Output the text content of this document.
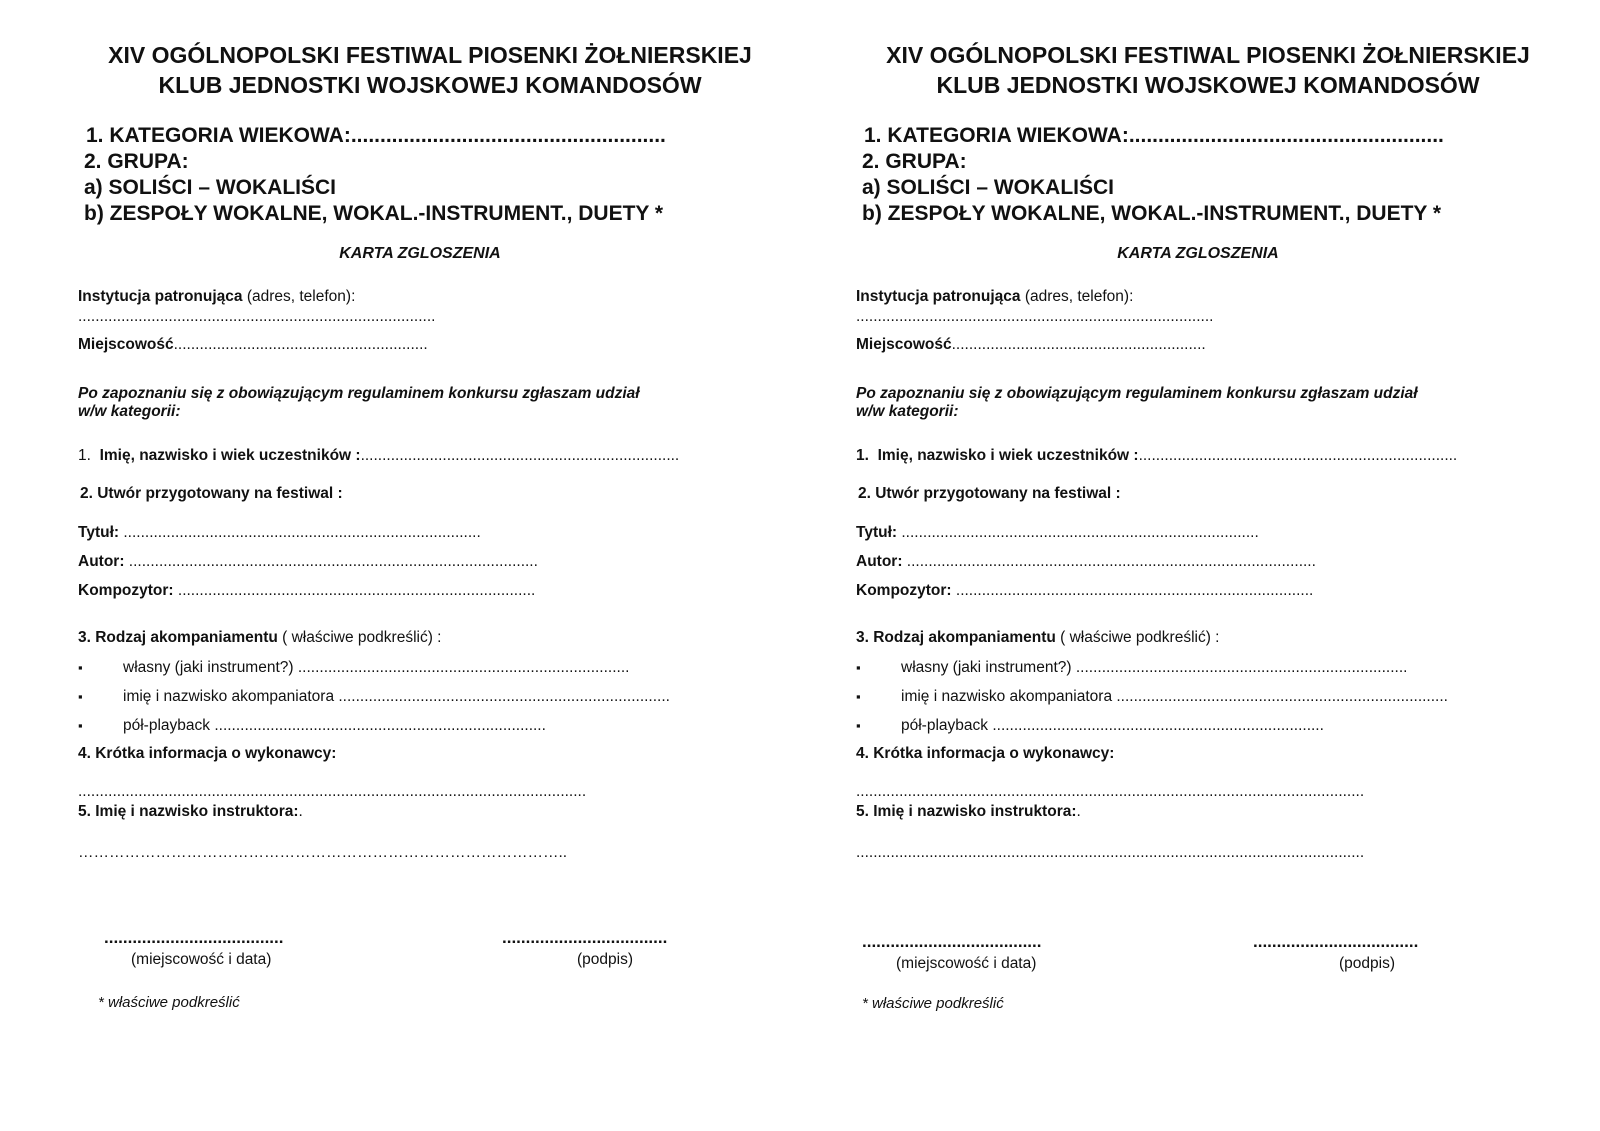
XIV OGÓLNOPOLSKI FESTIWAL PIOSENKI ŻOŁNIERSKIEJ
KLUB JEDNOSTKI WOJSKOWEJ KOMANDOSÓW
1. KATEGORIA WIEKOWA:......................................................
2. GRUPA:
a) SOLIŚCI – WOKALIŚCI
b) ZESPOŁY WOKALNE, WOKAL.-INSTRUMENT., DUETY *
KARTA ZGLOSZENIA
Instytucja patronująca (adres, telefon):
...................................................................................
Miejscowość...........................................................
Po zapoznaniu się z obowiązującym regulaminem konkursu zgłaszam udział
w/w kategorii:
1. Imię, nazwisko i wiek uczestników :..........................................................................
2. Utwór przygotowany na festiwal :
Tytuł: ...................................................................................
Autor: ...............................................................................................
Kompozytor: ...................................................................................
3. Rodzaj akompaniamentu ( właściwe podkreślić) :
▪	własny (jaki instrument?) .............................................................................
▪	imię i nazwisko akompaniatora .............................................................................
▪	pół-playback .............................................................................
4. Krótka informacja o wykonawcy:
......................................................................................................................
5. Imię i nazwisko instruktora:.
…………………………………………………………………………………..
......................................
(miejscowość i data)
...................................
(podpis)
* właściwe podkreślić
XIV OGÓLNOPOLSKI FESTIWAL PIOSENKI ŻOŁNIERSKIEJ
KLUB JEDNOSTKI WOJSKOWEJ KOMANDOSÓW
1. KATEGORIA WIEKOWA:......................................................
2. GRUPA:
a) SOLIŚCI – WOKALIŚCI
b) ZESPOŁY WOKALNE, WOKAL.-INSTRUMENT., DUETY *
KARTA ZGLOSZENIA
Instytucja patronująca (adres, telefon):
...................................................................................
Miejscowość...........................................................
Po zapoznaniu się z obowiązującym regulaminem konkursu zgłaszam udział
w/w kategorii:
1. Imię, nazwisko i wiek uczestników :..........................................................................
2. Utwór przygotowany na festiwal :
Tytuł: ...................................................................................
Autor: ...............................................................................................
Kompozytor: ...................................................................................
3. Rodzaj akompaniamentu ( właściwe podkreślić) :
▪	własny (jaki instrument?) .............................................................................
▪	imię i nazwisko akompaniatora .............................................................................
▪	pół-playback .............................................................................
4. Krótka informacja o wykonawcy:
......................................................................................................................
5. Imię i nazwisko instruktora:.
......................................................................................................................
......................................
(miejscowość i data)
...................................
(podpis)
* właściwe podkreślić
